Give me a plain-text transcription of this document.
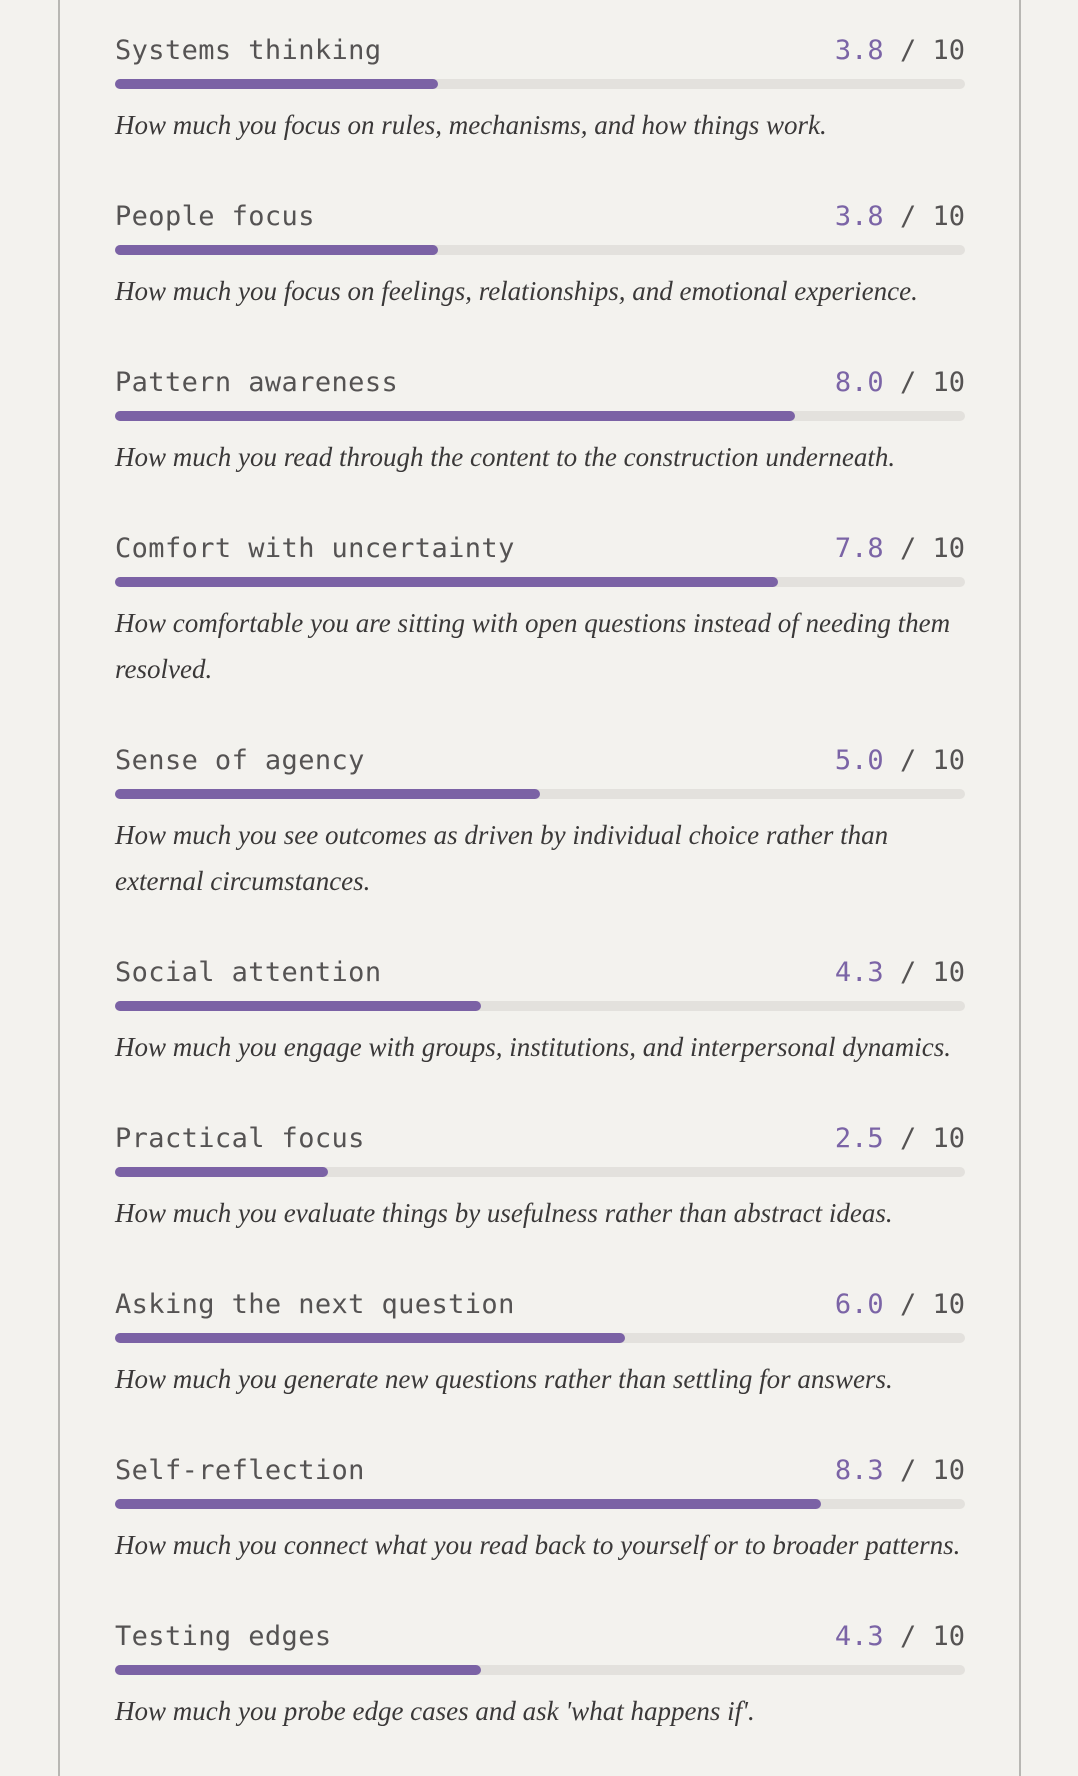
Systems thinking	3.8 / 10
How much you focus on rules, mechanisms, and how things work.
People focus	3.8 / 10
How much you focus on feelings, relationships, and emotional experience.
Pattern awareness	8.0 / 10
How much you read through the content to the construction underneath.
Comfort with uncertainty	7.8 / 10
How comfortable you are sitting with open questions instead of needing them resolved.
Sense of agency	5.0 / 10
How much you see outcomes as driven by individual choice rather than external circumstances.
Social attention	4.3 / 10
How much you engage with groups, institutions, and interpersonal dynamics.
Practical focus	2.5 / 10
How much you evaluate things by usefulness rather than abstract ideas.
Asking the next question	6.0 / 10
How much you generate new questions rather than settling for answers.
Self-reflection	8.3 / 10
How much you connect what you read back to yourself or to broader patterns.
Testing edges	4.3 / 10
How much you probe edge cases and ask 'what happens if'.
